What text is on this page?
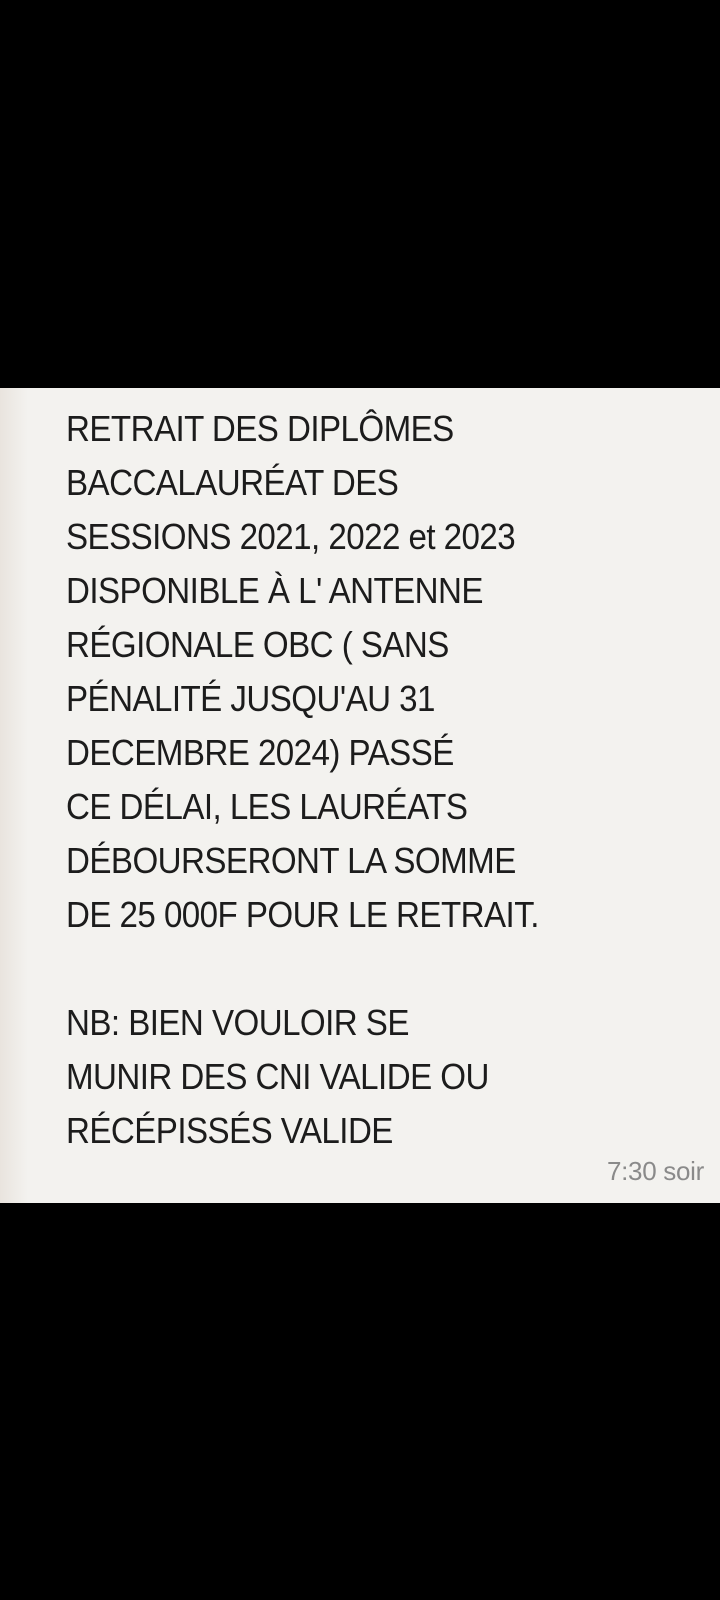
RETRAIT DES DIPLÔMES
BACCALAURÉAT DES
SESSIONS 2021, 2022 et 2023
DISPONIBLE À L' ANTENNE
RÉGIONALE OBC ( SANS
PÉNALITÉ JUSQU'AU 31
DECEMBRE 2024) PASSÉ
CE DÉLAI, LES LAURÉATS
DÉBOURSERONT LA SOMME
DE 25 000F POUR LE RETRAIT.
NB: BIEN VOULOIR SE
MUNIR DES CNI VALIDE OU
RÉCÉPISSÉS VALIDE
7:30 soir
